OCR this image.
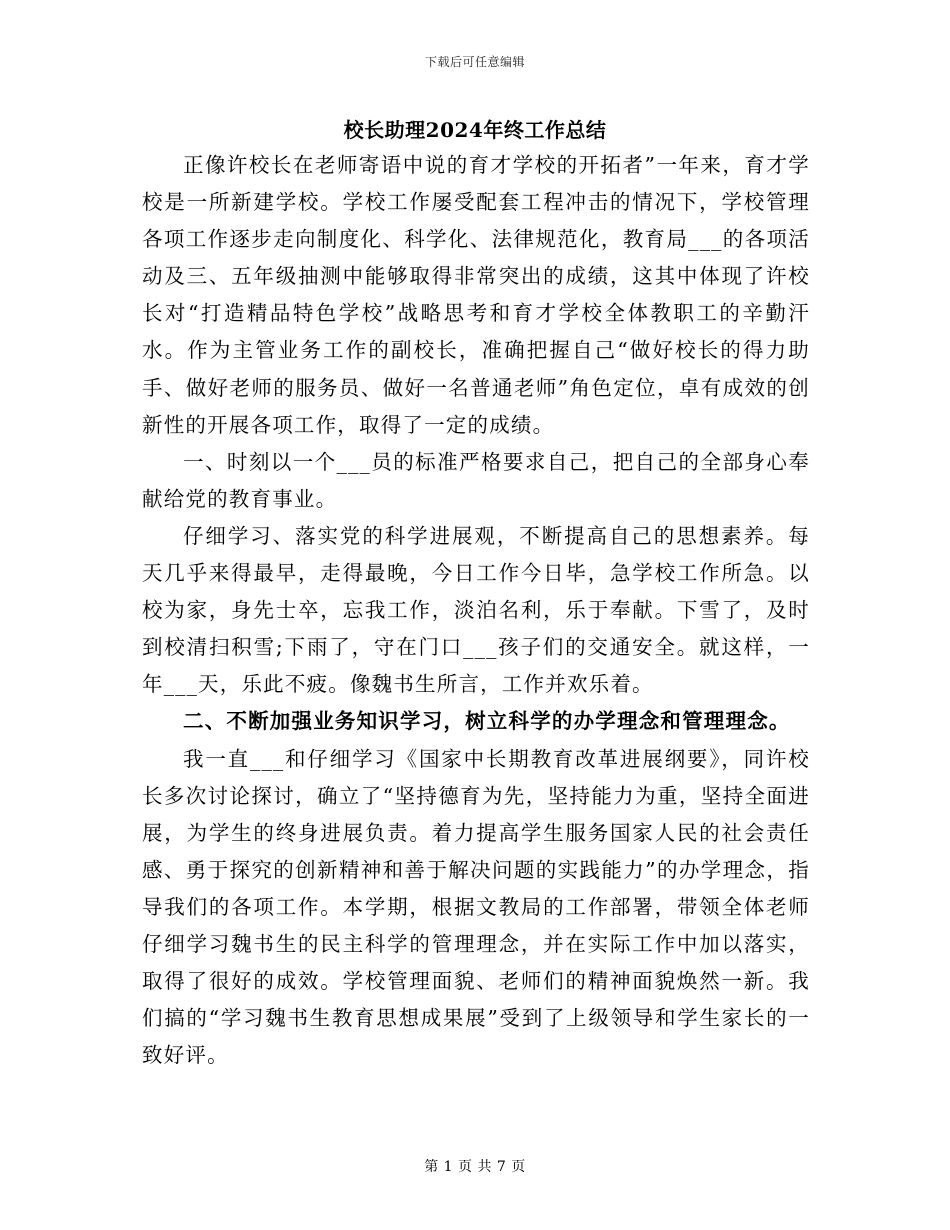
下载后可任意编辑
校长助理2024年终工作总结

正像许校长在老师寄语中说的育才学校的开拓者”一年来，育才学校是一所新建学校。学校工作屡受配套工程冲击的情况下，学校管理各项工作逐步走向制度化、科学化、法律规范化，教育局___的各项活动及三、五年级抽测中能够取得非常突出的成绩，这其中体现了许校长对“打造精品特色学校”战略思考和育才学校全体教职工的辛勤汗水。作为主管业务工作的副校长，准确把握自己“做好校长的得力助手、做好老师的服务员、做好一名普通老师”角色定位，卓有成效的创新性的开展各项工作，取得了一定的成绩。

一、时刻以一个___员的标准严格要求自己，把自己的全部身心奉献给党的教育事业。

仔细学习、落实党的科学进展观，不断提高自己的思想素养。每天几乎来得最早，走得最晚，今日工作今日毕，急学校工作所急。以校为家，身先士卒，忘我工作，淡泊名利，乐于奉献。下雪了，及时到校清扫积雪;下雨了，守在门口___孩子们的交通安全。就这样，一年___天，乐此不疲。像魏书生所言，工作并欢乐着。

二、不断加强业务知识学习，树立科学的办学理念和管理理念。

我一直___和仔细学习《国家中长期教育改革进展纲要》，同许校长多次讨论探讨，确立了“坚持德育为先，坚持能力为重，坚持全面进展，为学生的终身进展负责。着力提高学生服务国家人民的社会责任感、勇于探究的创新精神和善于解决问题的实践能力”的办学理念，指导我们的各项工作。本学期，根据文教局的工作部署，带领全体老师仔细学习魏书生的民主科学的管理理念，并在实际工作中加以落实，取得了很好的成效。学校管理面貌、老师们的精神面貌焕然一新。我们搞的“学习魏书生教育思想成果展”受到了上级领导和学生家长的一致好评。

第 1 页 共 7 页
